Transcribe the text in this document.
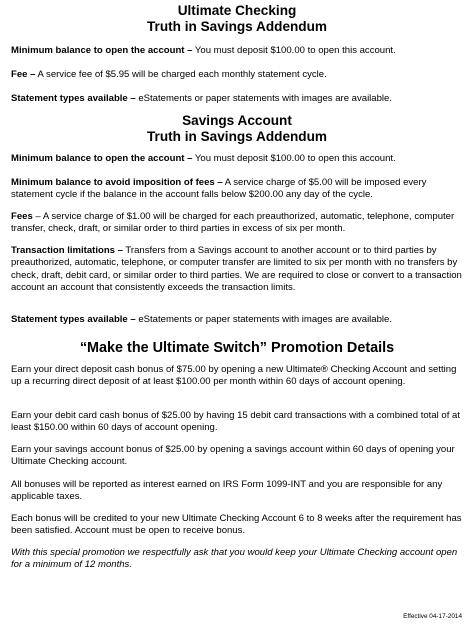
Ultimate Checking
Truth in Savings Addendum

Minimum balance to open the account – You must deposit $100.00 to open this account.

Fee – A service fee of $5.95 will be charged each monthly statement cycle.

Statement types available – eStatements or paper statements with images are available.

Savings Account
Truth in Savings Addendum

Minimum balance to open the account – You must deposit $100.00 to open this account.

Minimum balance to avoid imposition of fees – A service charge of $5.00 will be imposed every statement cycle if the balance in the account falls below $200.00 any day of the cycle.

Fees – A service charge of $1.00 will be charged for each preauthorized, automatic, telephone, computer transfer, check, draft, or similar order to third parties in excess of six per month.

Transaction limitations – Transfers from a Savings account to another account or to third parties by preauthorized, automatic, telephone, or computer transfer are limited to six per month with no transfers by check, draft, debit card, or similar order to third parties. We are required to close or convert to a transaction account an account that consistently exceeds the transaction limits.

Statement types available – eStatements or paper statements with images are available.

“Make the Ultimate Switch” Promotion Details

Earn your direct deposit cash bonus of $75.00 by opening a new Ultimate® Checking Account and setting up a recurring direct deposit of at least $100.00 per month within 60 days of account opening.

Earn your debit card cash bonus of $25.00 by having 15 debit card transactions with a combined total of at least $150.00 within 60 days of account opening.

Earn your savings account bonus of $25.00 by opening a savings account within 60 days of opening your Ultimate Checking account.

All bonuses will be reported as interest earned on IRS Form 1099-INT and you are responsible for any applicable taxes.

Each bonus will be credited to your new Ultimate Checking Account 6 to 8 weeks after the requirement has been satisfied. Account must be open to receive bonus.

With this special promotion we respectfully ask that you would keep your Ultimate Checking account open for a minimum of 12 months.

Effective 04-17-2014
